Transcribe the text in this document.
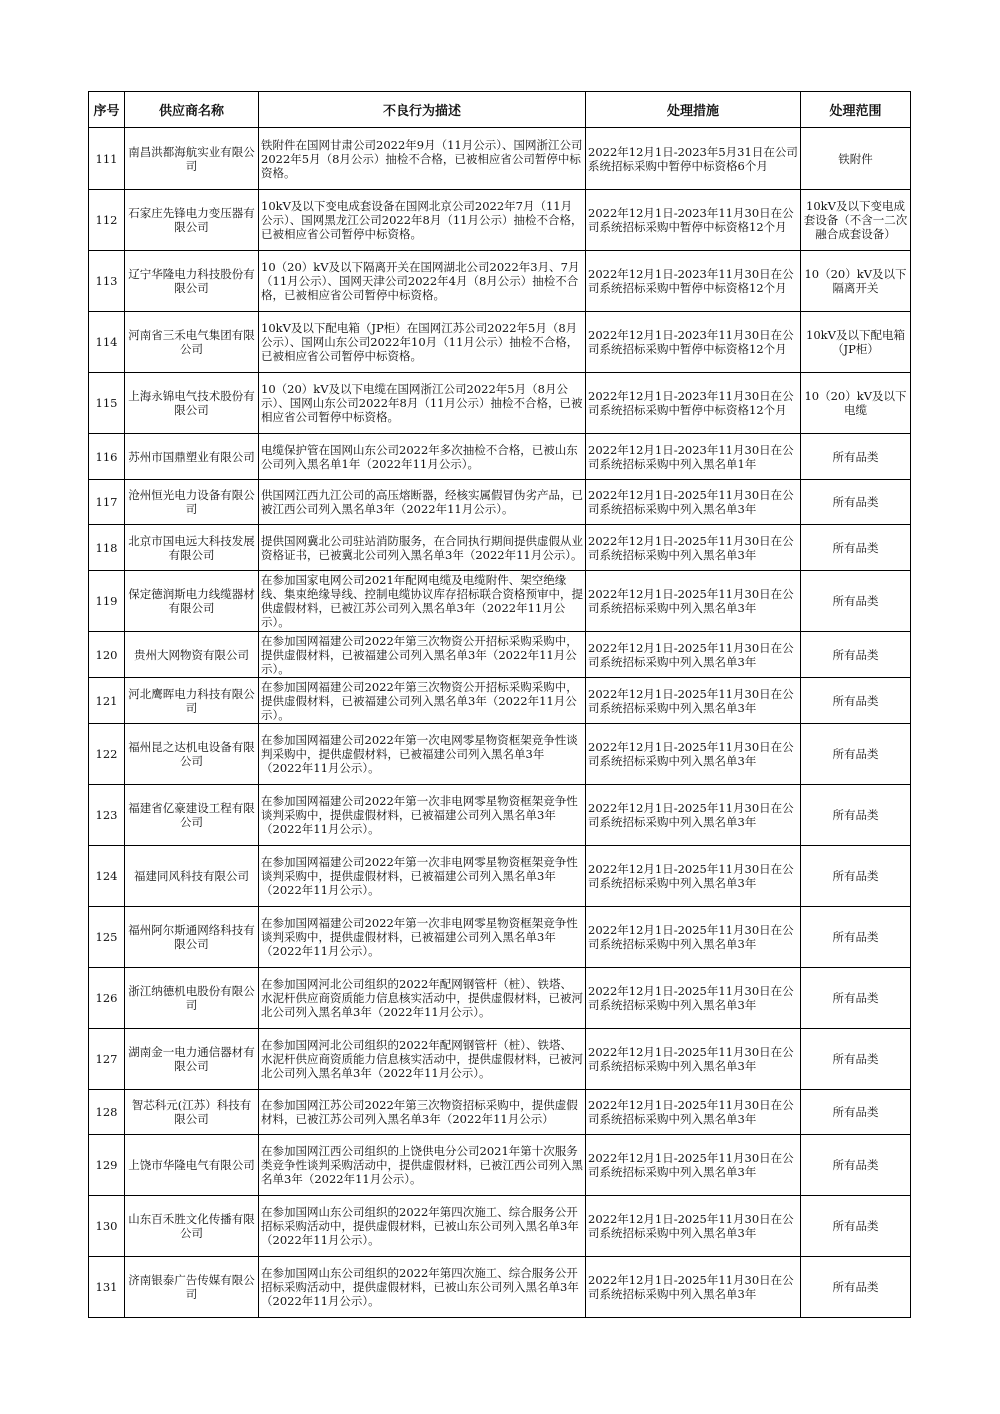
序号	供应商名称	不良行为描述	处理措施	处理范围
111	南昌洪都海航实业有限公司	铁附件在国网甘肃公司2022年9月（11月公示）、国网浙江公司2022年5月（8月公示）抽检不合格，已被相应省公司暂停中标资格。	2022年12月1日-2023年5月31日在公司系统招标采购中暂停中标资格6个月	铁附件
112	石家庄先锋电力变压器有限公司	10kV及以下变电成套设备在国网北京公司2022年7月（11月公示）、国网黑龙江公司2022年8月（11月公示）抽检不合格，已被相应省公司暂停中标资格。	2022年12月1日-2023年11月30日在公司系统招标采购中暂停中标资格12个月	10kV及以下变电成套设备（不含一二次融合成套设备）
113	辽宁华隆电力科技股份有限公司	10（20）kV及以下隔离开关在国网湖北公司2022年3月、7月（11月公示）、国网天津公司2022年4月（8月公示）抽检不合格，已被相应省公司暂停中标资格。	2022年12月1日-2023年11月30日在公司系统招标采购中暂停中标资格12个月	10（20）kV及以下隔离开关
114	河南省三禾电气集团有限公司	10kV及以下配电箱（JP柜）在国网江苏公司2022年5月（8月公示）、国网山东公司2022年10月（11月公示）抽检不合格，已被相应省公司暂停中标资格。	2022年12月1日-2023年11月30日在公司系统招标采购中暂停中标资格12个月	10kV及以下配电箱（JP柜）
115	上海永锦电气技术股份有限公司	10（20）kV及以下电缆在国网浙江公司2022年5月（8月公示）、国网山东公司2022年8月（11月公示）抽检不合格，已被相应省公司暂停中标资格。	2022年12月1日-2023年11月30日在公司系统招标采购中暂停中标资格12个月	10（20）kV及以下电缆
116	苏州市国鼎塑业有限公司	电缆保护管在国网山东公司2022年多次抽检不合格，已被山东公司列入黑名单1年（2022年11月公示）。	2022年12月1日-2023年11月30日在公司系统招标采购中列入黑名单1年	所有品类
117	沧州恒光电力设备有限公司	供国网江西九江公司的高压熔断器，经核实属假冒伪劣产品，已被江西公司列入黑名单3年（2022年11月公示）。	2022年12月1日-2025年11月30日在公司系统招标采购中列入黑名单3年	所有品类
118	北京市国电远大科技发展有限公司	提供国网冀北公司驻站消防服务，在合同执行期间提供虚假从业资格证书，已被冀北公司列入黑名单3年（2022年11月公示）。	2022年12月1日-2025年11月30日在公司系统招标采购中列入黑名单3年	所有品类
119	保定德润斯电力线缆器材有限公司	在参加国家电网公司2021年配网电缆及电缆附件、架空绝缘线、集束绝缘导线、控制电缆协议库存招标联合资格预审中，提供虚假材料，已被江苏公司列入黑名单3年（2022年11月公示）。	2022年12月1日-2025年11月30日在公司系统招标采购中列入黑名单3年	所有品类
120	贵州大网物资有限公司	在参加国网福建公司2022年第三次物资公开招标采购采购中，提供虚假材料，已被福建公司列入黑名单3年（2022年11月公示）。	2022年12月1日-2025年11月30日在公司系统招标采购中列入黑名单3年	所有品类
121	河北鹰晖电力科技有限公司	在参加国网福建公司2022年第三次物资公开招标采购采购中，提供虚假材料，已被福建公司列入黑名单3年（2022年11月公示）。	2022年12月1日-2025年11月30日在公司系统招标采购中列入黑名单3年	所有品类
122	福州昆之达机电设备有限公司	在参加国网福建公司2022年第一次电网零星物资框架竞争性谈判采购中，提供虚假材料，已被福建公司列入黑名单3年（2022年11月公示）。	2022年12月1日-2025年11月30日在公司系统招标采购中列入黑名单3年	所有品类
123	福建省亿豪建设工程有限公司	在参加国网福建公司2022年第一次非电网零星物资框架竞争性谈判采购中，提供虚假材料，已被福建公司列入黑名单3年（2022年11月公示）。	2022年12月1日-2025年11月30日在公司系统招标采购中列入黑名单3年	所有品类
124	福建同风科技有限公司	在参加国网福建公司2022年第一次非电网零星物资框架竞争性谈判采购中，提供虚假材料，已被福建公司列入黑名单3年（2022年11月公示）。	2022年12月1日-2025年11月30日在公司系统招标采购中列入黑名单3年	所有品类
125	福州阿尔斯通网络科技有限公司	在参加国网福建公司2022年第一次非电网零星物资框架竞争性谈判采购中，提供虚假材料，已被福建公司列入黑名单3年（2022年11月公示）。	2022年12月1日-2025年11月30日在公司系统招标采购中列入黑名单3年	所有品类
126	浙江纳德机电股份有限公司	在参加国网河北公司组织的2022年配网钢管杆（桩）、铁塔、水泥杆供应商资质能力信息核实活动中，提供虚假材料，已被河北公司列入黑名单3年（2022年11月公示）。	2022年12月1日-2025年11月30日在公司系统招标采购中列入黑名单3年	所有品类
127	湖南金一电力通信器材有限公司	在参加国网河北公司组织的2022年配网钢管杆（桩）、铁塔、水泥杆供应商资质能力信息核实活动中，提供虚假材料，已被河北公司列入黑名单3年（2022年11月公示）。	2022年12月1日-2025年11月30日在公司系统招标采购中列入黑名单3年	所有品类
128	智芯科元(江苏）科技有限公司	在参加国网江苏公司2022年第三次物资招标采购中，提供虚假材料，已被江苏公司列入黑名单3年（2022年11月公示）	2022年12月1日-2025年11月30日在公司系统招标采购中列入黑名单3年	所有品类
129	上饶市华隆电气有限公司	在参加国网江西公司组织的上饶供电分公司2021年第十次服务类竞争性谈判采购活动中，提供虚假材料，已被江西公司列入黑名单3年（2022年11月公示）。	2022年12月1日-2025年11月30日在公司系统招标采购中列入黑名单3年	所有品类
130	山东百禾胜文化传播有限公司	在参加国网山东公司组织的2022年第四次施工、综合服务公开招标采购活动中，提供虚假材料，已被山东公司列入黑名单3年（2022年11月公示）。	2022年12月1日-2025年11月30日在公司系统招标采购中列入黑名单3年	所有品类
131	济南银泰广告传媒有限公司	在参加国网山东公司组织的2022年第四次施工、综合服务公开招标采购活动中，提供虚假材料，已被山东公司列入黑名单3年（2022年11月公示）。	2022年12月1日-2025年11月30日在公司系统招标采购中列入黑名单3年	所有品类
